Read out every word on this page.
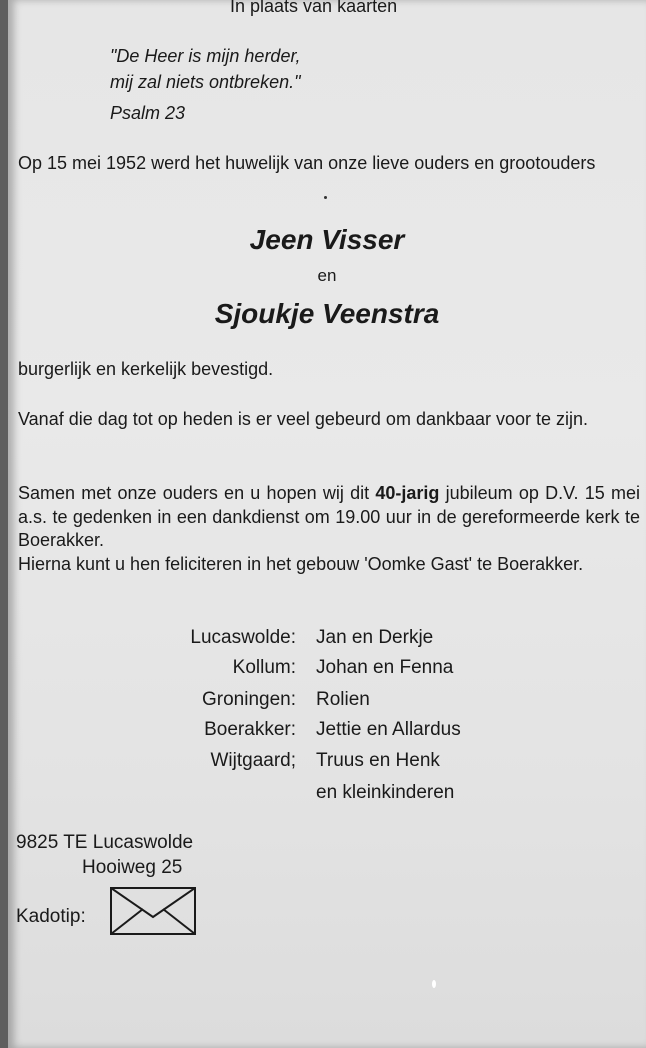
In plaats van kaarten
"De Heer is mijn herder,
mij zal niets ontbreken."
Psalm 23
Op 15 mei 1952 werd het huwelijk van onze lieve ouders en grootouders
Jeen Visser
en
Sjoukje Veenstra
burgerlijk en kerkelijk bevestigd.
Vanaf die dag tot op heden is er veel gebeurd om dankbaar voor te zijn.
Samen met onze ouders en u hopen wij dit 40-jarig jubileum op D.V. 15 mei a.s. te gedenken in een dankdienst om 19.00 uur in de gereformeerde kerk te Boerakker.
Hierna kunt u hen feliciteren in het gebouw 'Oomke Gast' te Boerakker.
Lucaswolde: Jan en Derkje
Kollum: Johan en Fenna
Groningen: Rolien
Boerakker: Jettie en Allardus
Wijtgaard; Truus en Henk
en kleinkinderen
9825 TE Lucaswolde
Hooiweg 25
Kadotip:
